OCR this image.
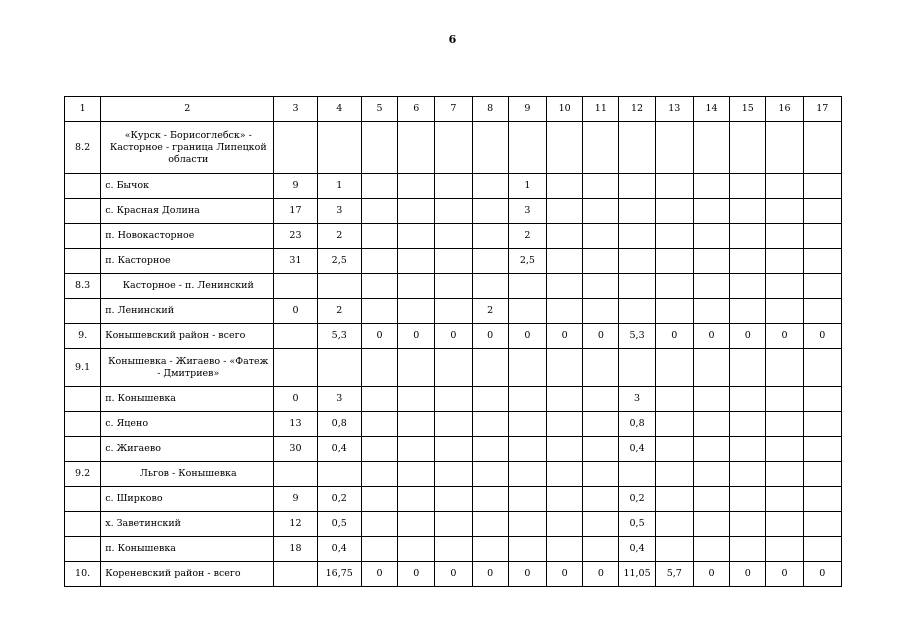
6
1	2	3	4	5	6	7	8	9	10	11	12	13	14	15	16	17
8.2	«Курск - Борисоглебск» - Касторное - граница Липецкой области															
	с. Бычок	9	1					1								
	с. Красная Долина	17	3					3								
	п. Новокасторное	23	2					2								
	п. Касторное	31	2,5					2,5								
8.3	Касторное - п. Ленинский															
	п. Ленинский	0	2				2									
9.	Конышевский район - всего		5,3	0	0	0	0	0	0	0	5,3	0	0	0	0	0
9.1	Конышевка - Жигаево - «Фатеж - Дмитриев»															
	п. Конышевка	0	3								3					
	с. Яцено	13	0,8								0,8					
	с. Жигаево	30	0,4								0,4					
9.2	Льгов - Конышевка															
	с. Ширково	9	0,2								0,2					
	х. Заветинский	12	0,5								0,5					
	п. Конышевка	18	0,4								0,4					
10.	Кореневский район - всего		16,75	0	0	0	0	0	0	0	11,05	5,7	0	0	0	0
